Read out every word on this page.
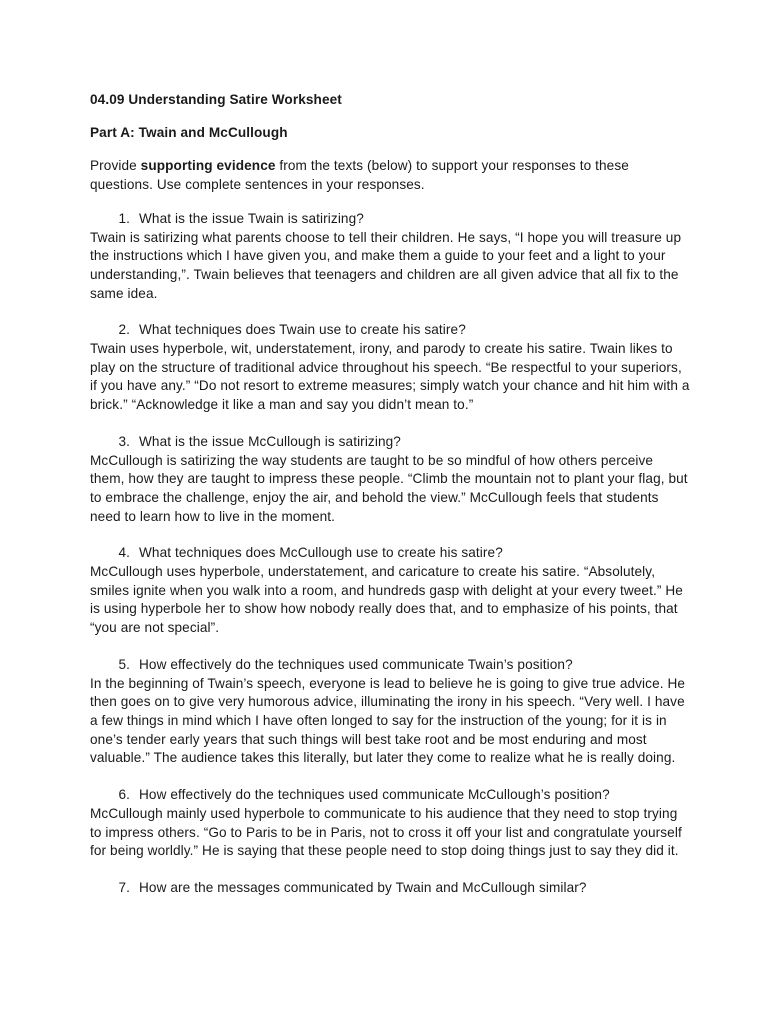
04.09 Understanding Satire Worksheet

Part A: Twain and McCullough

Provide supporting evidence from the texts (below) to support your responses to these questions. Use complete sentences in your responses.

1. What is the issue Twain is satirizing?

Twain is satirizing what parents choose to tell their children. He says, “I hope you will treasure up the instructions which I have given you, and make them a guide to your feet and a light to your understanding,”. Twain believes that teenagers and children are all given advice that all fix to the same idea.

2. What techniques does Twain use to create his satire?

Twain uses hyperbole, wit, understatement, irony, and parody to create his satire. Twain likes to play on the structure of traditional advice throughout his speech. “Be respectful to your superiors, if you have any.” “Do not resort to extreme measures; simply watch your chance and hit him with a brick.” “Acknowledge it like a man and say you didn’t mean to.”

3. What is the issue McCullough is satirizing?

McCullough is satirizing the way students are taught to be so mindful of how others perceive them, how they are taught to impress these people. “Climb the mountain not to plant your flag, but to embrace the challenge, enjoy the air, and behold the view.” McCullough feels that students need to learn how to live in the moment.

4. What techniques does McCullough use to create his satire?

McCullough uses hyperbole, understatement, and caricature to create his satire. “Absolutely, smiles ignite when you walk into a room, and hundreds gasp with delight at your every tweet.” He is using hyperbole her to show how nobody really does that, and to emphasize of his points, that “you are not special”.

5. How effectively do the techniques used communicate Twain’s position?

In the beginning of Twain’s speech, everyone is lead to believe he is going to give true advice. He then goes on to give very humorous advice, illuminating the irony in his speech. “Very well. I have a few things in mind which I have often longed to say for the instruction of the young; for it is in one’s tender early years that such things will best take root and be most enduring and most valuable.” The audience takes this literally, but later they come to realize what he is really doing.

6. How effectively do the techniques used communicate McCullough’s position?

McCullough mainly used hyperbole to communicate to his audience that they need to stop trying to impress others. “Go to Paris to be in Paris, not to cross it off your list and congratulate yourself for being worldly.” He is saying that these people need to stop doing things just to say they did it.

7. How are the messages communicated by Twain and McCullough similar?
